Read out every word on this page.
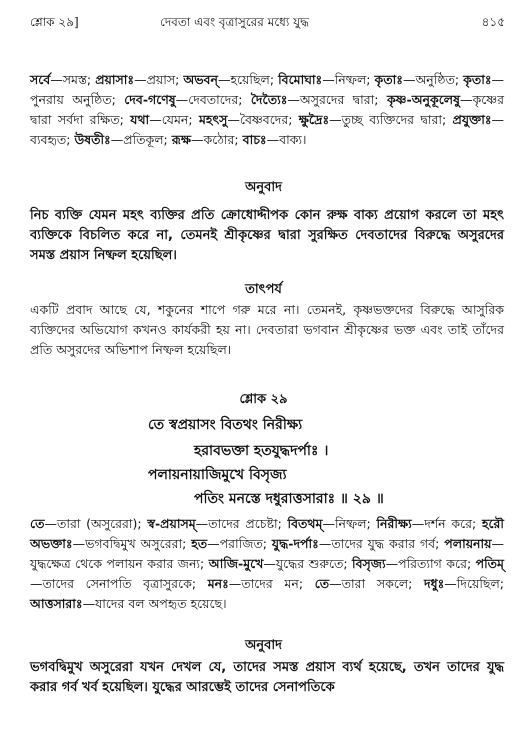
শ্লোক ২৯]	দেবতা এবং বৃত্রাসুরের মধ্যে যুদ্ধ	৪১৫

সর্বে—সমস্ত; প্রয়াসাঃ—প্রয়াস; অভবন্—হয়েছিল; বিমোঘাঃ—নিষ্ফল; কৃতাঃ—অনুষ্ঠিত; কৃতাঃ—পুনরায় অনুষ্ঠিত; দেব-গণেষু—দেবতাদের; দৈত্যৈঃ—অসুরদের দ্বারা; কৃষ্ণ-অনুকূলেষু—কৃষ্ণের দ্বারা সর্বদা রক্ষিত; যথা—যেমন; মহৎসু—বৈষ্ণবদের; ক্ষুদ্রৈঃ—তুচ্ছ ব্যক্তিদের দ্বারা; প্রযুক্তাঃ—ব্যবহৃত; উষতীঃ—প্রতিকূল; রূক্ষ—কঠোর; বাচঃ—বাক্য।

অনুবাদ

নিচ ব্যক্তি যেমন মহৎ ব্যক্তির প্রতি ক্রোধোদ্দীপক কোন রুক্ষ বাক্য প্রয়োগ করলে তা মহৎ ব্যক্তিকে বিচলিত করে না, তেমনই শ্রীকৃষ্ণের দ্বারা সুরক্ষিত দেবতাদের বিরুদ্ধে অসুরদের সমস্ত প্রয়াস নিষ্ফল হয়েছিল।

তাৎপর্য

একটি প্রবাদ আছে যে, শকুনের শাপে গরু মরে না। তেমনই, কৃষ্ণভক্তদের বিরুদ্ধে আসুরিক ব্যক্তিদের অভিযোগ কখনও কার্যকরী হয় না। দেবতারা ভগবান শ্রীকৃষ্ণের ভক্ত এবং তাই তাঁদের প্রতি অসুরদের অভিশাপ নিষ্ফল হয়েছিল।

শ্লোক ২৯
তে স্বপ্রয়াসং বিতথং নিরীক্ষ্য
হরাবভক্তা হতযুদ্ধদর্পাঃ ।
পলায়নায়াজিমুখে বিসৃজ্য
পতিং মনস্তে দধুরাত্তসারাঃ ॥ ২৯ ॥

তে—তারা (অসুরেরা); স্ব-প্রয়াসম্—তাদের প্রচেষ্টা; বিতথম্—নিষ্ফল; নিরীক্ষ্য—দর্শন করে; হরৌ অভক্তাঃ—ভগবদ্বিমুখ অসুরেরা; হত—পরাজিত; যুদ্ধ-দর্পাঃ—তাদের যুদ্ধ করার গর্ব; পলায়নায়—যুদ্ধক্ষেত্র থেকে পলায়ন করার জন্য; আজি-মুখে—যুদ্ধের শুরুতে; বিসৃজ্য—পরিত্যাগ করে; পতিম্—তাদের সেনাপতি বৃত্রাসুরকে; মনঃ—তাদের মন; তে—তারা সকলে; দধুঃ—দিয়েছিল; আত্তসারাঃ—যাদের বল অপহৃত হয়েছে।

অনুবাদ

ভগবদ্বিমুখ অসুরেরা যখন দেখল যে, তাদের সমস্ত প্রয়াস ব্যর্থ হয়েছে, তখন তাদের যুদ্ধ করার গর্ব খর্ব হয়েছিল। যুদ্ধের আরম্ভেই তাদের সেনাপতিকে
